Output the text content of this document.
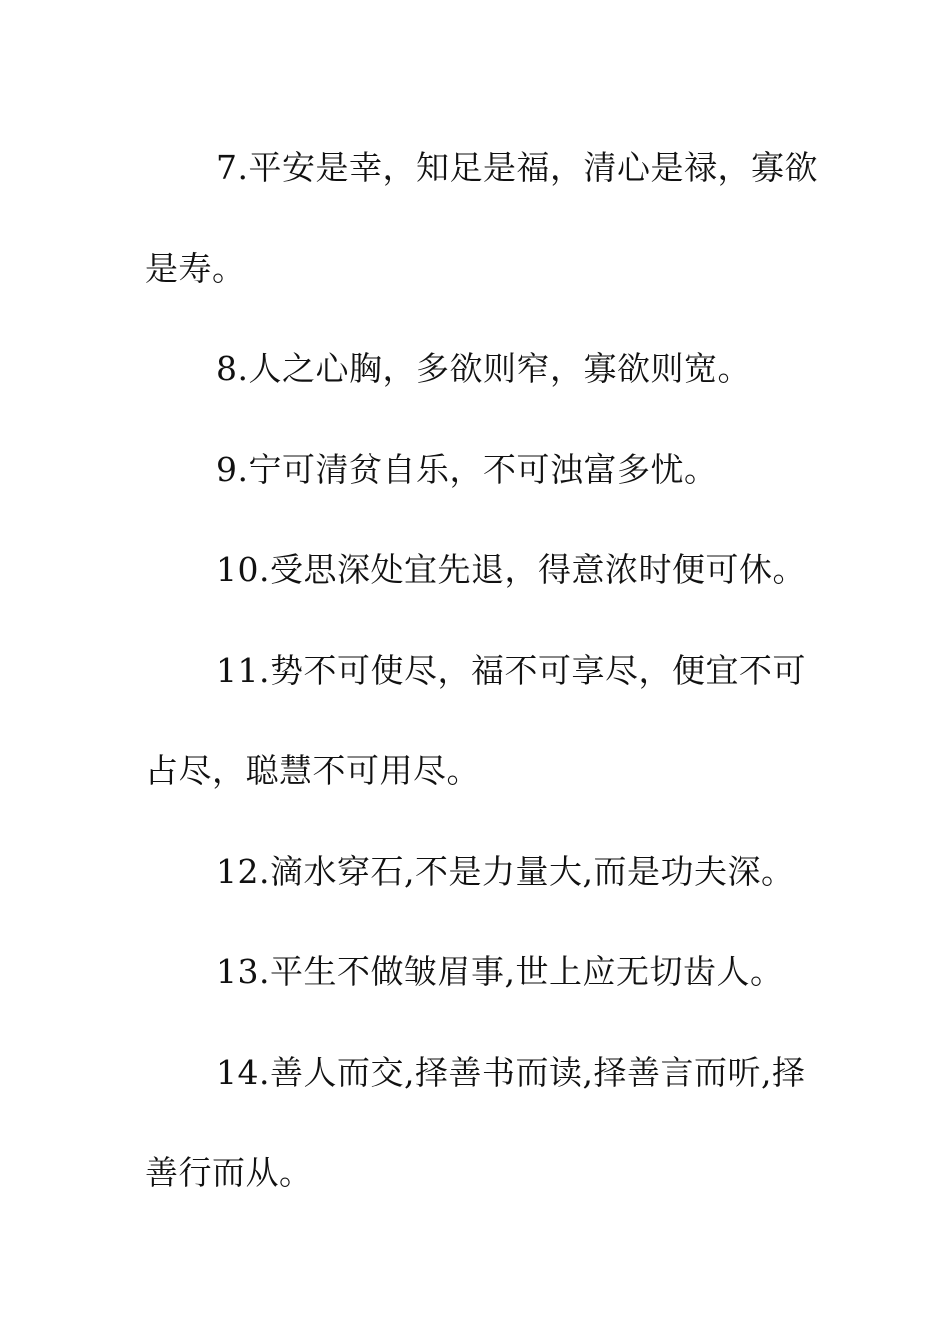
7.平安是幸，知足是福，清心是禄，寡欲是寿。

8.人之心胸，多欲则窄，寡欲则宽。

9.宁可清贫自乐，不可浊富多忧。

10.受思深处宜先退，得意浓时便可休。

11.势不可使尽，福不可享尽，便宜不可占尽，聪慧不可用尽。

12.滴水穿石,不是力量大,而是功夫深。

13.平生不做皱眉事,世上应无切齿人。

14.善人而交,择善书而读,择善言而听,择善行而从。
